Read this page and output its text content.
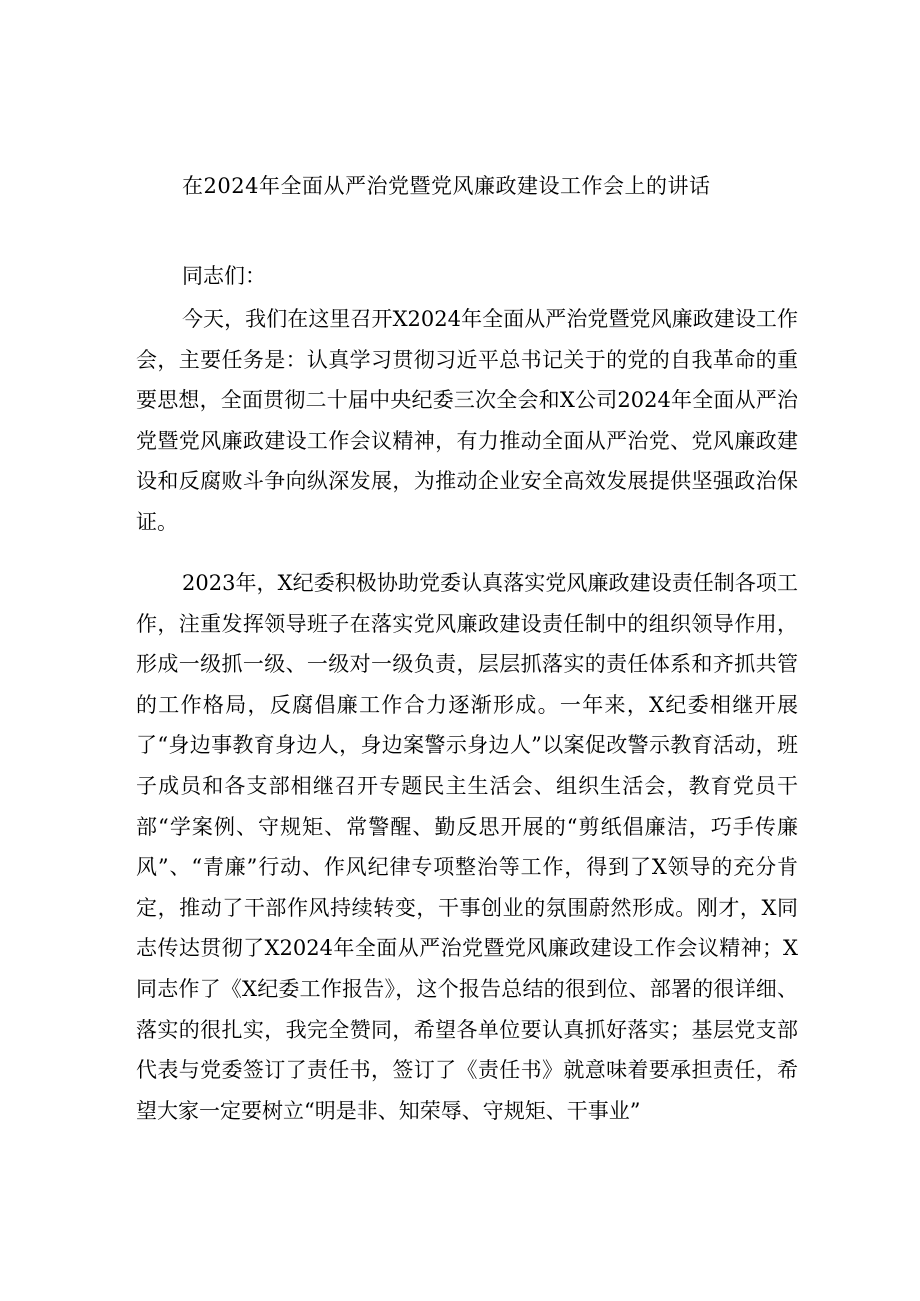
在2024年全面从严治党暨党风廉政建设工作会上的讲话
同志们：

今天，我们在这里召开X2024年全面从严治党暨党风廉政建设工作会，主要任务是：认真学习贯彻习近平总书记关于的党的自我革命的重要思想，全面贯彻二十届中央纪委三次全会和X公司2024年全面从严治党暨党风廉政建设工作会议精神，有力推动全面从严治党、党风廉政建设和反腐败斗争向纵深发展，为推动企业安全高效发展提供坚强政治保证。

2023年，X纪委积极协助党委认真落实党风廉政建设责任制各项工作，注重发挥领导班子在落实党风廉政建设责任制中的组织领导作用，形成一级抓一级、一级对一级负责，层层抓落实的责任体系和齐抓共管的工作格局，反腐倡廉工作合力逐渐形成。一年来，X纪委相继开展了“身边事教育身边人，身边案警示身边人”以案促改警示教育活动，班子成员和各支部相继召开专题民主生活会、组织生活会，教育党员干部“学案例、守规矩、常警醒、勤反思开展的“剪纸倡廉洁，巧手传廉风”、“青廉”行动、作风纪律专项整治等工作，得到了X领导的充分肯定，推动了干部作风持续转变，干事创业的氛围蔚然形成。刚才，X同志传达贯彻了X2024年全面从严治党暨党风廉政建设工作会议精神；X同志作了《X纪委工作报告》，这个报告总结的很到位、部署的很详细、落实的很扎实，我完全赞同，希望各单位要认真抓好落实；基层党支部代表与党委签订了责任书，签订了《责任书》就意味着要承担责任，希望大家一定要树立“明是非、知荣辱、守规矩、干事业”
